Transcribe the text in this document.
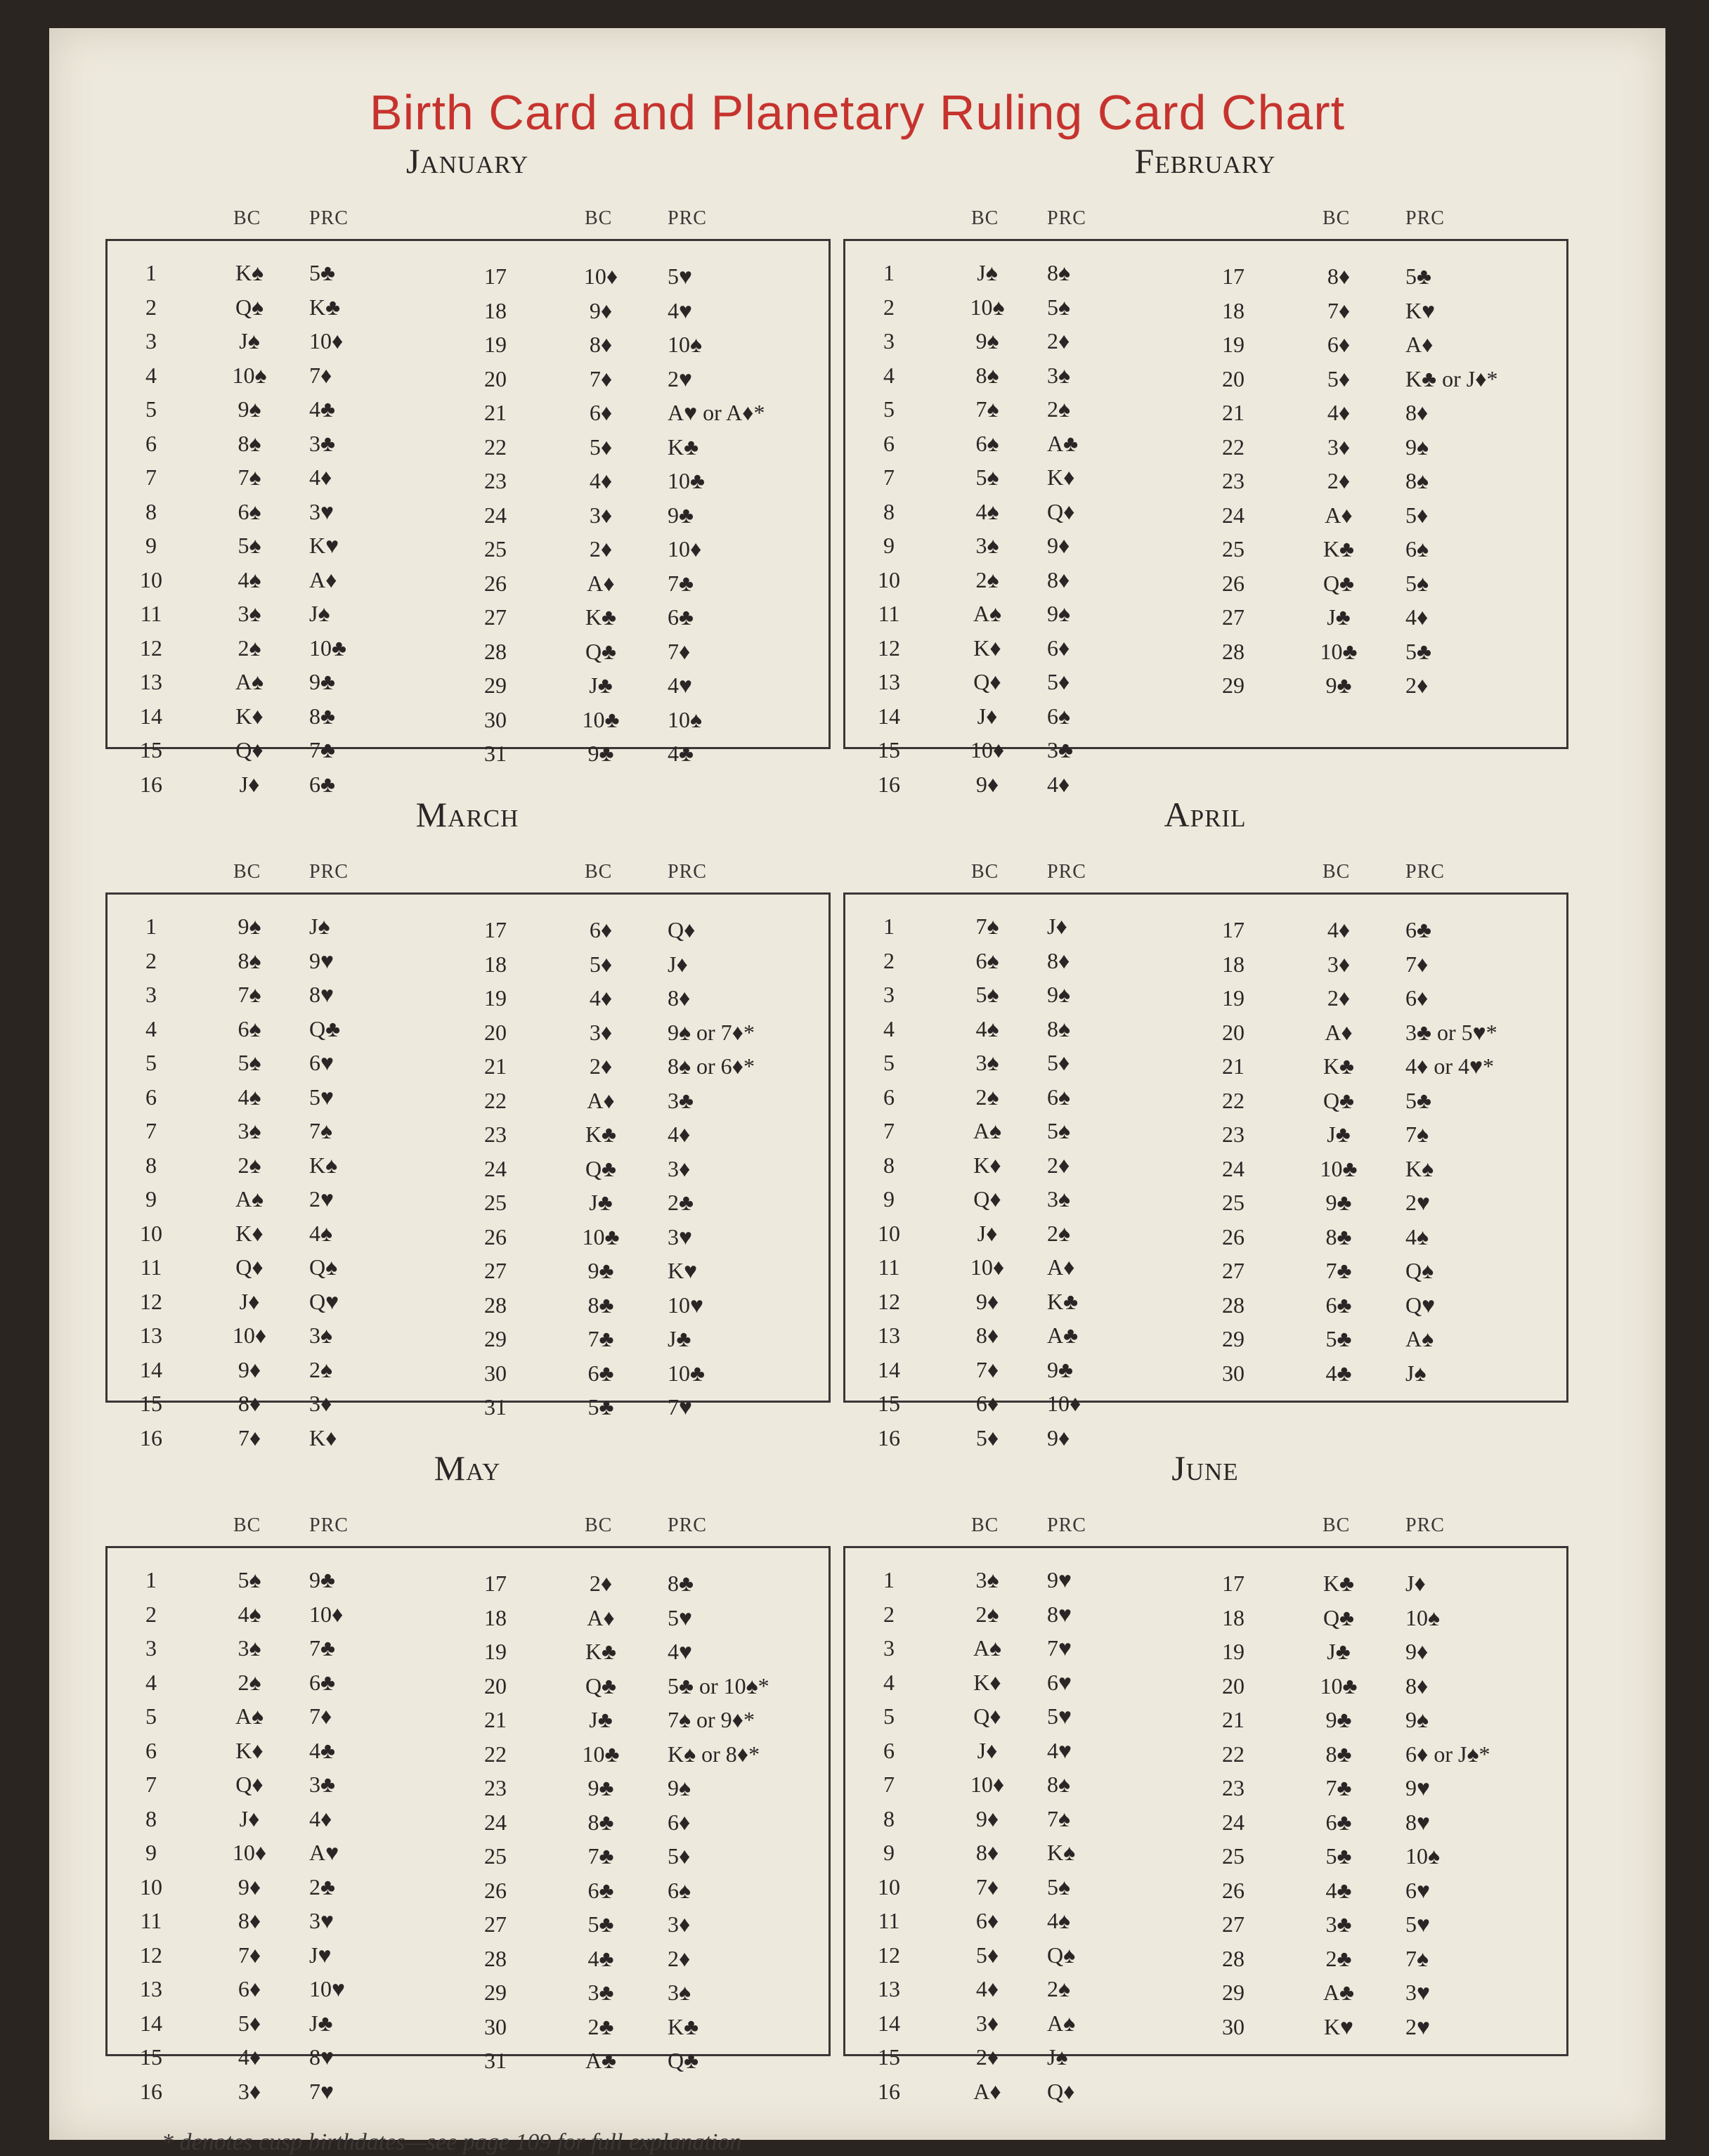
Birth Card and Planetary Ruling Card Chart
January
BC PRC
1	K♠	5♣
2	Q♠	K♣
3	J♠	10♦
4	10♠	7♦
5	9♠	4♣
6	8♠	3♣
7	7♠	4♦
8	6♠	3♥
9	5♠	K♥
10	4♠	A♦
11	3♠	J♠
12	2♠	10♣
13	A♠	9♣
14	K♦	8♣
15	Q♦	7♣
16	J♦	6♣
BC	PRC
17	10♦	5♥
18	9♦	4♥
19	8♦	10♠
20	7♦	2♥
21	6♦	A♥ or A♦*
22	5♦	K♣
23	4♦	10♣
24	3♦	9♣
25	2♦	10♦
26	A♦	7♣
27	K♣	6♣
28	Q♣	7♦
29	J♣	4♥
30	10♣	10♠
31	9♣	4♣
February
BC PRC
1	J♠	8♠
2	10♠	5♠
3	9♠	2♦
4	8♠	3♠
5	7♠	2♠
6	6♠	A♣
7	5♠	K♦
8	4♠	Q♦
9	3♠	9♦
10	2♠	8♦
11	A♠	9♠
12	K♦	6♦
13	Q♦	5♦
14	J♦	6♠
15	10♦	3♣
16	9♦	4♦
BC	PRC
17	8♦	5♣
18	7♦	K♥
19	6♦	A♦
20	5♦	K♣ or J♦*
21	4♦	8♦
22	3♦	9♠
23	2♦	8♠
24	A♦	5♦
25	K♣	6♠
26	Q♣	5♠
27	J♣	4♦
28	10♣	5♣
29	9♣	2♦
March
BC PRC
1	9♠	J♠
2	8♠	9♥
3	7♠	8♥
4	6♠	Q♣
5	5♠	6♥
6	4♠	5♥
7	3♠	7♠
8	2♠	K♠
9	A♠	2♥
10	K♦	4♠
11	Q♦	Q♠
12	J♦	Q♥
13	10♦	3♠
14	9♦	2♠
15	8♦	3♦
16	7♦	K♦
BC	PRC
17	6♦	Q♦
18	5♦	J♦
19	4♦	8♦
20	3♦	9♠ or 7♦*
21	2♦	8♠ or 6♦*
22	A♦	3♣
23	K♣	4♦
24	Q♣	3♦
25	J♣	2♣
26	10♣	3♥
27	9♣	K♥
28	8♣	10♥
29	7♣	J♣
30	6♣	10♣
31	5♣	7♥
April
BC PRC
1	7♠	J♦
2	6♠	8♦
3	5♠	9♠
4	4♠	8♠
5	3♠	5♦
6	2♠	6♠
7	A♠	5♠
8	K♦	2♦
9	Q♦	3♠
10	J♦	2♠
11	10♦	A♦
12	9♦	K♣
13	8♦	A♣
14	7♦	9♣
15	6♦	10♦
16	5♦	9♦
BC	PRC
17	4♦	6♣
18	3♦	7♦
19	2♦	6♦
20	A♦	3♣ or 5♥*
21	K♣	4♦ or 4♥*
22	Q♣	5♣
23	J♣	7♠
24	10♣	K♠
25	9♣	2♥
26	8♣	4♠
27	7♣	Q♠
28	6♣	Q♥
29	5♣	A♠
30	4♣	J♠
May
BC PRC
1	5♠	9♣
2	4♠	10♦
3	3♠	7♣
4	2♠	6♣
5	A♠	7♦
6	K♦	4♣
7	Q♦	3♣
8	J♦	4♦
9	10♦	A♥
10	9♦	2♣
11	8♦	3♥
12	7♦	J♥
13	6♦	10♥
14	5♦	J♣
15	4♦	8♥
16	3♦	7♥
BC	PRC
17	2♦	8♣
18	A♦	5♥
19	K♣	4♥
20	Q♣	5♣ or 10♠*
21	J♣	7♠ or 9♦*
22	10♣	K♠ or 8♦*
23	9♣	9♠
24	8♣	6♦
25	7♣	5♦
26	6♣	6♠
27	5♣	3♦
28	4♣	2♦
29	3♣	3♠
30	2♣	K♣
31	A♣	Q♣
June
BC PRC
1	3♠	9♥
2	2♠	8♥
3	A♠	7♥
4	K♦	6♥
5	Q♦	5♥
6	J♦	4♥
7	10♦	8♠
8	9♦	7♠
9	8♦	K♠
10	7♦	5♠
11	6♦	4♠
12	5♦	Q♠
13	4♦	2♠
14	3♦	A♠
15	2♦	J♠
16	A♦	Q♦
BC	PRC
17	K♣	J♦
18	Q♣	10♠
19	J♣	9♦
20	10♣	8♦
21	9♣	9♠
22	8♣	6♦ or J♠*
23	7♣	9♥
24	6♣	8♥
25	5♣	10♠
26	4♣	6♥
27	3♣	5♥
28	2♣	7♠
29	A♣	3♥
30	K♥	2♥
* denotes cusp birthdates—see page 109 for full explanation
